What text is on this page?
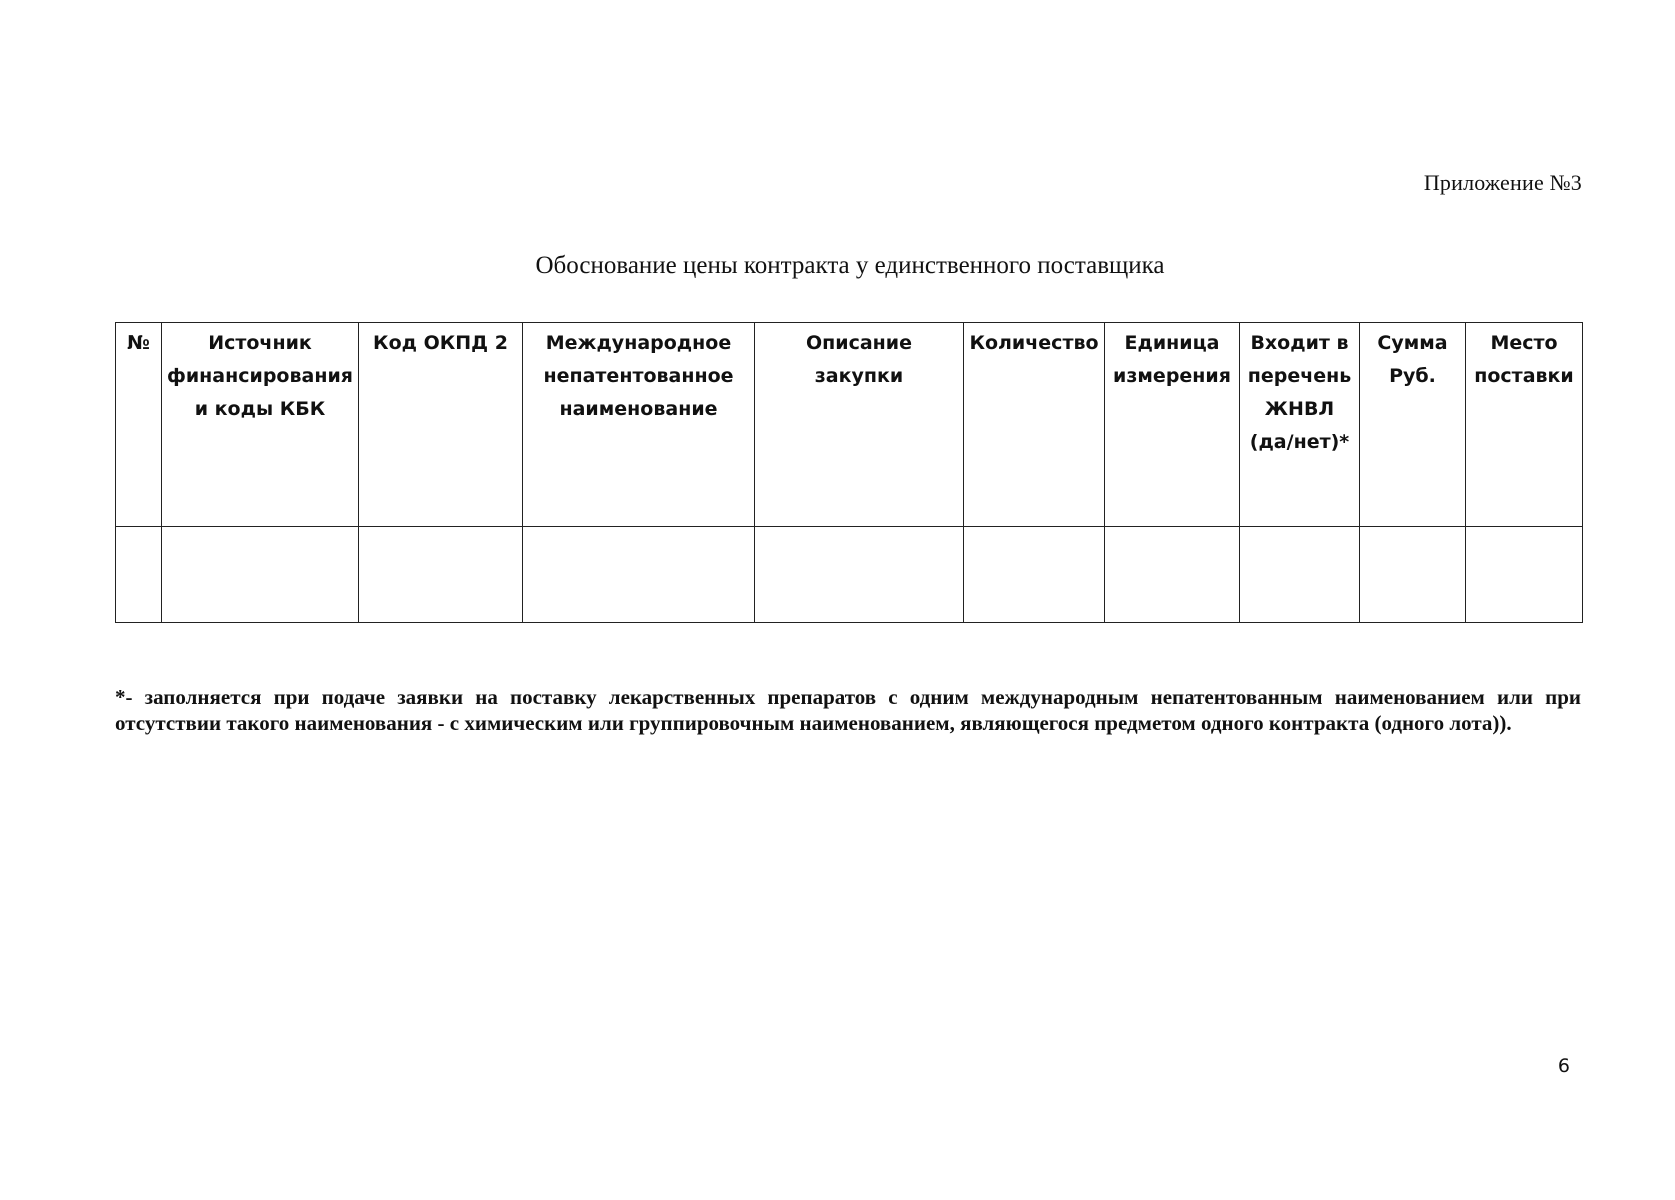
Приложение №3
Обоснование цены контракта у единственного поставщика
№	Источник
финансирования
и коды КБК	Код ОКПД 2	Международное
непатентованное
наименование	Описание
закупки	Количество	Единица
измерения	Входит в
перечень
ЖНВЛ
(да/нет)*	Сумма
Руб.	Место
поставки

*- заполняется при подаче заявки на поставку лекарственных препаратов с одним международным непатентованным наименованием или при отсутствии такого наименования - с химическим или группировочным наименованием, являющегося предметом одного контракта (одного лота)).
6
